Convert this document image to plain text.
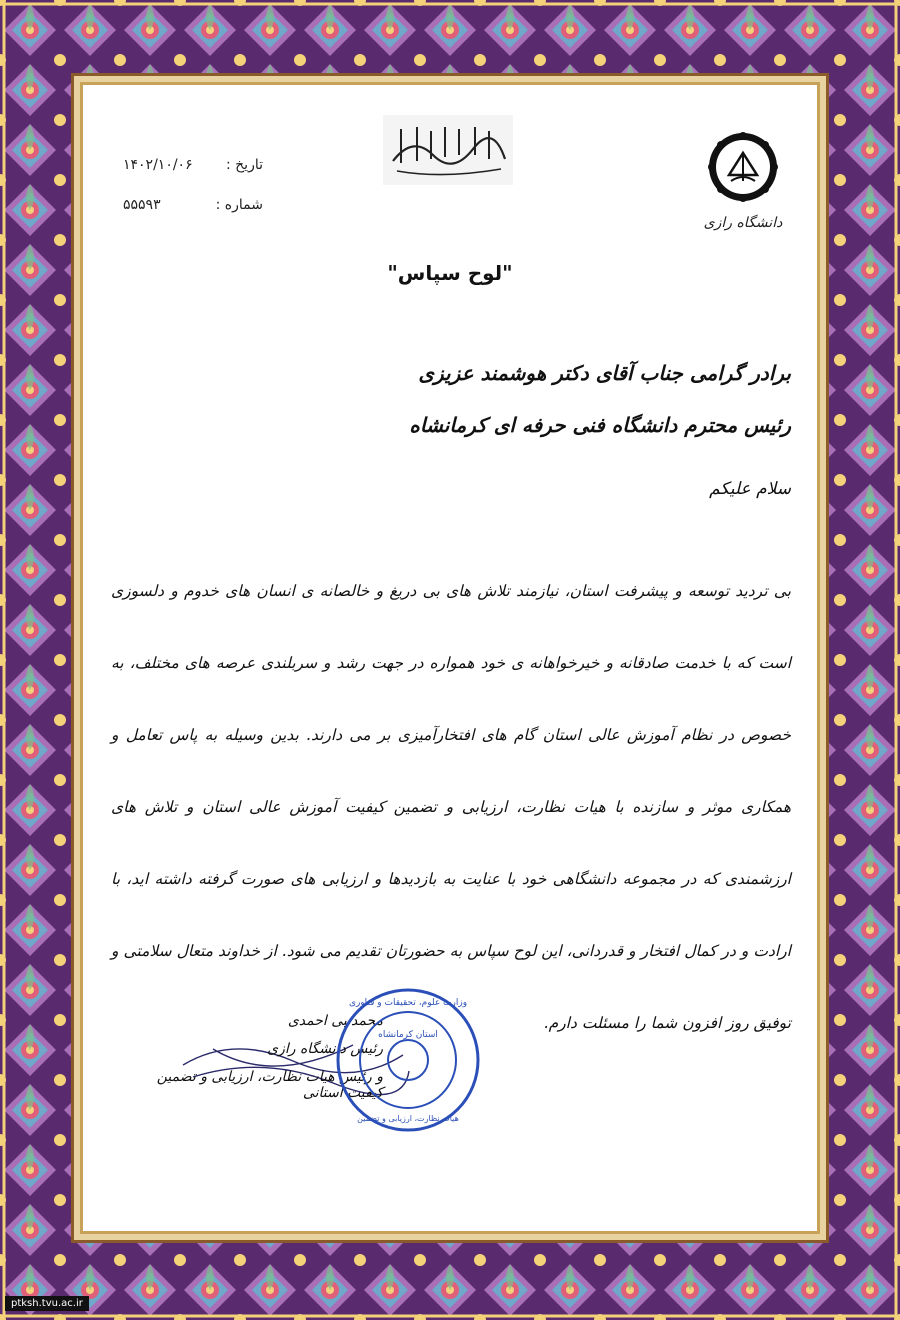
دانشگاه رازی
تاریخ :
۱۴۰۲/۱۰/۰۶
شماره :
۵۵۵۹۳
"لوح سپاس"
برادر گرامی جناب آقای دکتر هوشمند عزیزی
رئیس محترم دانشگاه فنی حرفه ای کرمانشاه
سلام علیکم
بی تردید توسعه و پیشرفت استان، نیازمند تلاش های بی دریغ و خالصانه ی انسان های خدوم و دلسوزی است که با خدمت صادقانه و خیرخواهانه ی خود همواره در جهت رشد و سربلندی عرصه های مختلف، به خصوص در نظام آموزش عالی استان گام های افتخارآمیزی بر می دارند. بدین وسیله به پاس تعامل و همکاری موثر و سازنده با هیات نظارت، ارزیابی و تضمین کیفیت آموزش عالی استان و تلاش های ارزشمندی که در مجموعه دانشگاهی خود با عنایت به بازدیدها و ارزیابی های صورت گرفته داشته اید، با ارادت و در کمال افتخار و قدردانی، این لوح سپاس به حضورتان تقدیم می شود. از خداوند متعال سلامتی و توفیق روز افزون شما را مسئلت دارم.
محمدنبی احمدی
رئیس دانشگاه رازی
و رئیس هیات نظارت، ارزیابی و تضمین کیفیت استانی
وزارت علوم، تحقیقات و فناوری
استان کرمانشاه
هیات نظارت، ارزیابی و تضمین
ptksh.tvu.ac.ir
